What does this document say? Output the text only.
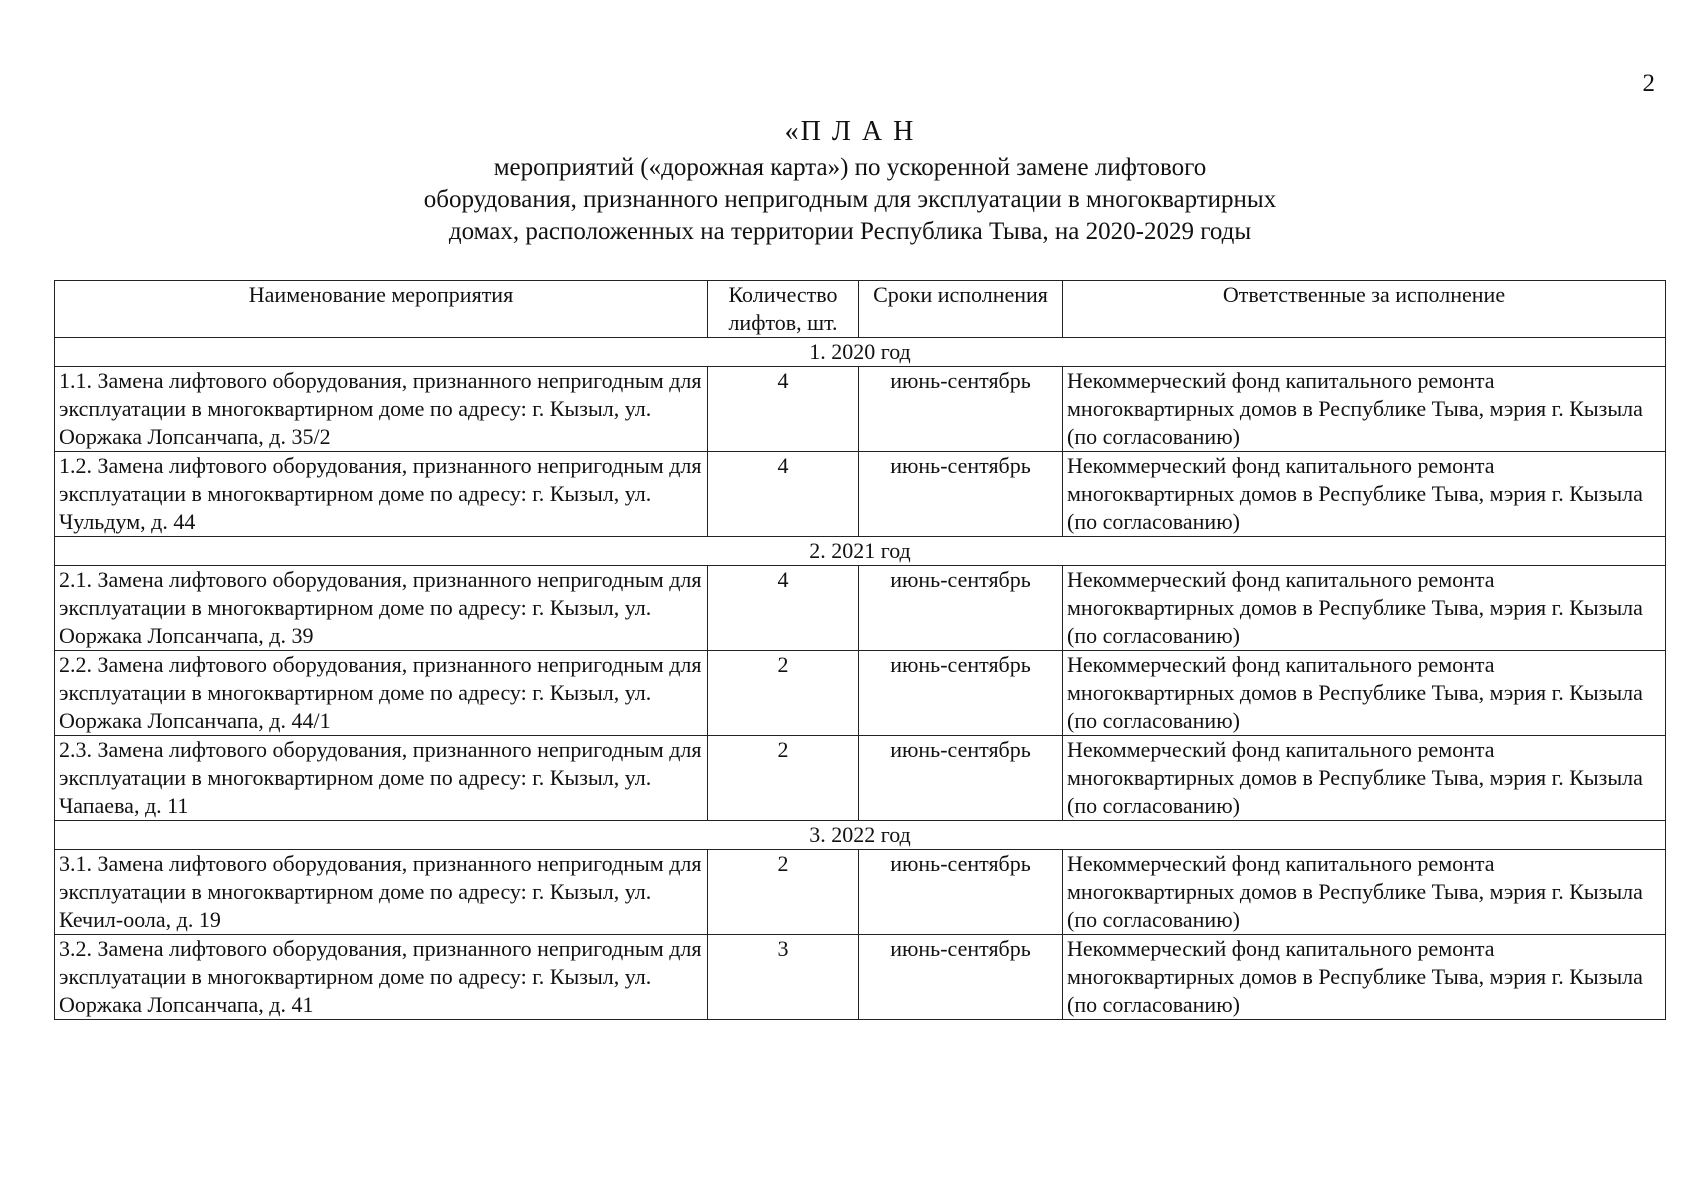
2
«П Л А Н
мероприятий («дорожная карта») по ускоренной замене лифтового
оборудования, признанного непригодным для эксплуатации в многоквартирных
домах, расположенных на территории Республика Тыва, на 2020-2029 годы
Наименование мероприятия	Количество лифтов, шт.	Сроки исполнения	Ответственные за исполнение
1. 2020 год			
1.1. Замена лифтового оборудования, признанного непригодным для эксплуатации в многоквартирном доме по адресу: г. Кызыл, ул. Ооржака Лопсанчапа, д. 35/2	4	июнь-сентябрь	Некоммерческий фонд капитального ремонта многоквартирных домов в Республике Тыва, мэрия г. Кызыла (по согласованию)
1.2. Замена лифтового оборудования, признанного непригодным для эксплуатации в многоквартирном доме по адресу: г. Кызыл, ул. Чульдум, д. 44	4	июнь-сентябрь	Некоммерческий фонд капитального ремонта многоквартирных домов в Республике Тыва, мэрия г. Кызыла (по согласованию)
2. 2021 год			
2.1. Замена лифтового оборудования, признанного непригодным для эксплуатации в многоквартирном доме по адресу: г. Кызыл, ул. Ооржака Лопсанчапа, д. 39	4	июнь-сентябрь	Некоммерческий фонд капитального ремонта многоквартирных домов в Республике Тыва, мэрия г. Кызыла (по согласованию)
2.2. Замена лифтового оборудования, признанного непригодным для эксплуатации в многоквартирном доме по адресу: г. Кызыл, ул. Ооржака Лопсанчапа, д. 44/1	2	июнь-сентябрь	Некоммерческий фонд капитального ремонта многоквартирных домов в Республике Тыва, мэрия г. Кызыла (по согласованию)
2.3. Замена лифтового оборудования, признанного непригодным для эксплуатации в многоквартирном доме по адресу: г. Кызыл, ул. Чапаева, д. 11	2	июнь-сентябрь	Некоммерческий фонд капитального ремонта многоквартирных домов в Республике Тыва, мэрия г. Кызыла (по согласованию)
3. 2022 год			
3.1. Замена лифтового оборудования, признанного непригодным для эксплуатации в многоквартирном доме по адресу: г. Кызыл, ул. Кечил-оола, д. 19	2	июнь-сентябрь	Некоммерческий фонд капитального ремонта многоквартирных домов в Республике Тыва, мэрия г. Кызыла (по согласованию)
3.2. Замена лифтового оборудования, признанного непригодным для эксплуатации в многоквартирном доме по адресу: г. Кызыл, ул. Ооржака Лопсанчапа, д. 41	3	июнь-сентябрь	Некоммерческий фонд капитального ремонта многоквартирных домов в Республике Тыва, мэрия г. Кызыла (по согласованию)
